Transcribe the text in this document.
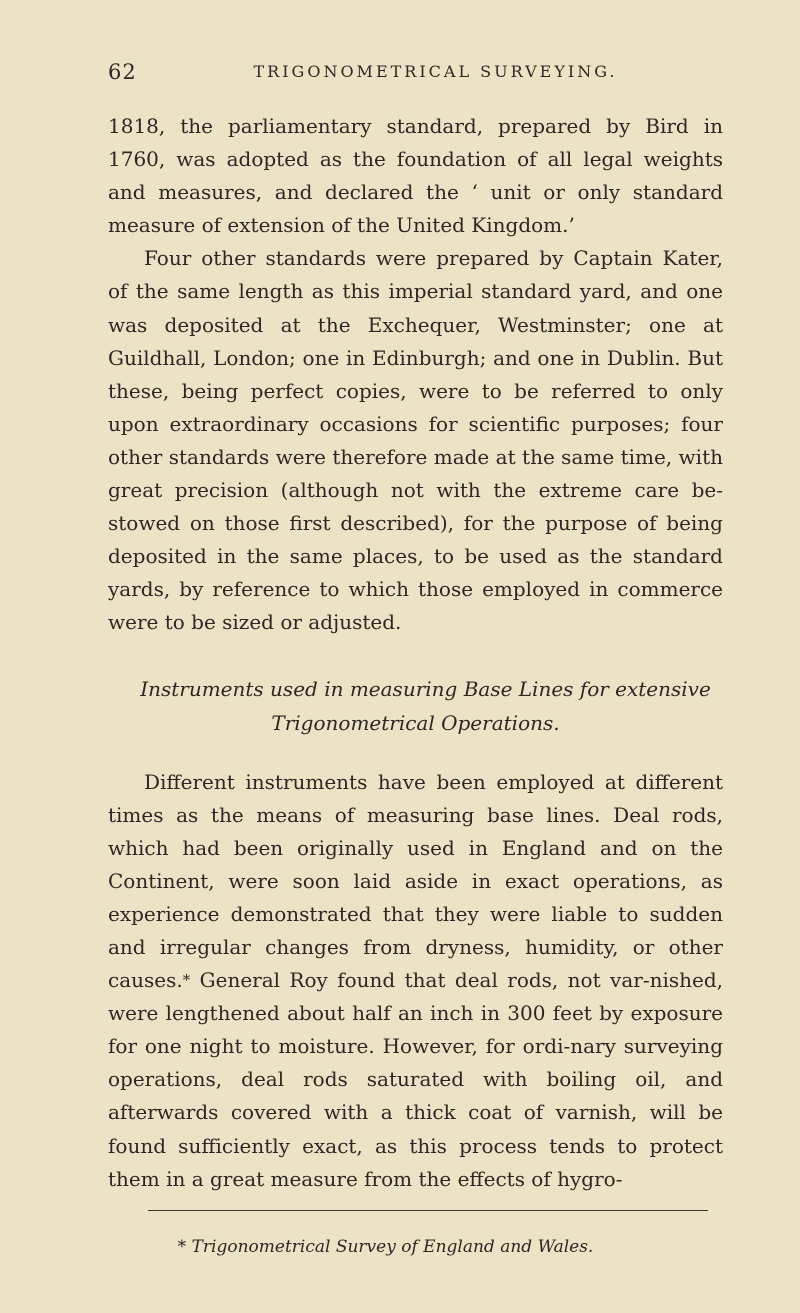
62	TRIGONOMETRICAL SURVEYING.

1818, the parliamentary standard, prepared by Bird in 1760, was adopted as the foundation of all legal weights and measures, and declared the ‘ unit or only standard measure of extension of the United Kingdom.’

Four other standards were prepared by Captain Kater, of the same length as this imperial standard yard, and one was deposited at the Exchequer, Westminster; one at Guildhall, London; one in Edinburgh; and one in Dublin. But these, being perfect copies, were to be referred to only upon extraordinary occasions for scientific purposes; four other standards were therefore made at the same time, with great precision (although not with the extreme care be-stowed on those first described), for the purpose of being deposited in the same places, to be used as the standard yards, by reference to which those employed in commerce were to be sized or adjusted.

Instruments used in measuring Base Lines for extensive
Trigonometrical Operations.

Different instruments have been employed at different times as the means of measuring base lines. Deal rods, which had been originally used in England and on the Continent, were soon laid aside in exact operations, as experience demonstrated that they were liable to sudden and irregular changes from dryness, humidity, or other causes.* General Roy found that deal rods, not var-nished, were lengthened about half an inch in 300 feet by exposure for one night to moisture. However, for ordi-nary surveying operations, deal rods saturated with boiling oil, and afterwards covered with a thick coat of varnish, will be found sufficiently exact, as this process tends to protect them in a great measure from the effects of hygro-

* Trigonometrical Survey of England and Wales.
